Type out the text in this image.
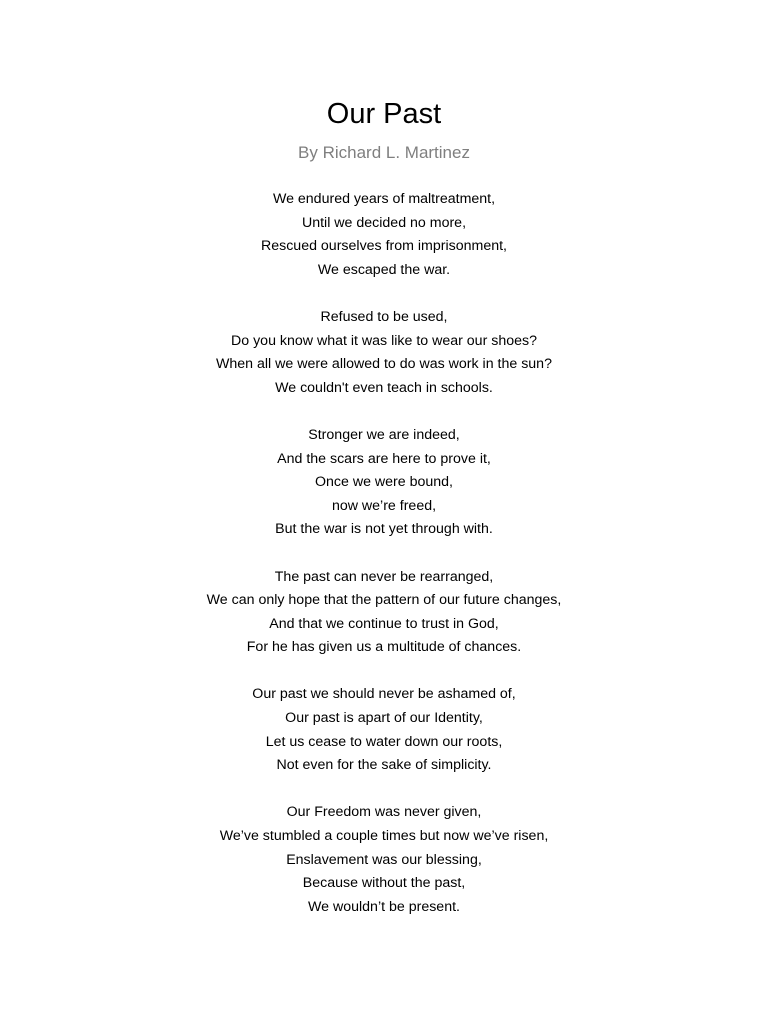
Our Past

By Richard L. Martinez

We endured years of maltreatment,
Until we decided no more,
Rescued ourselves from imprisonment,
We escaped the war.
Refused to be used,
Do you know what it was like to wear our shoes?
When all we were allowed to do was work in the sun?
We couldn't even teach in schools.
Stronger we are indeed,
And the scars are here to prove it,
Once we were bound,
now we’re freed,
But the war is not yet through with.
The past can never be rearranged,
We can only hope that the pattern of our future changes,
And that we continue to trust in God,
For he has given us a multitude of chances.
Our past we should never be ashamed of,
Our past is apart of our Identity,
Let us cease to water down our roots,
Not even for the sake of simplicity.
Our Freedom was never given,
We’ve stumbled a couple times but now we’ve risen,
Enslavement was our blessing,
Because without the past,
We wouldn’t be present.
